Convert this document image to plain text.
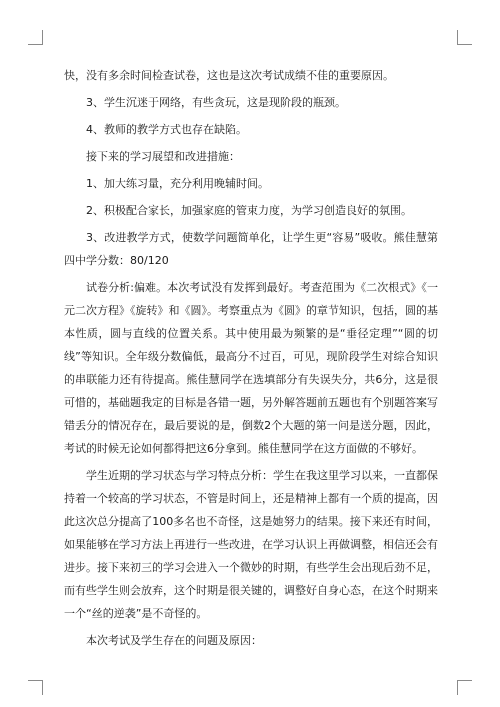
快，没有多余时间检查试卷，这也是这次考试成绩不佳的重要原因。

3、学生沉迷于网络，有些贪玩，这是现阶段的瓶颈。

4、教师的教学方式也存在缺陷。

接下来的学习展望和改进措施：

1、加大练习量，充分利用晚辅时间。

2、积极配合家长，加强家庭的管束力度，为学习创造良好的氛围。

3、改进教学方式，使数学问题简单化，让学生更“容易”吸收。熊佳慧第四中学分数：80/120

试卷分析:偏难。本次考试没有发挥到最好。考查范围为《二次根式》《一元二次方程》《旋转》和《圆》。考察重点为《圆》的章节知识，包括，圆的基本性质，圆与直线的位置关系。其中使用最为频繁的是“垂径定理”“圆的切线”等知识。全年级分数偏低，最高分不过百，可见，现阶段学生对综合知识的串联能力还有待提高。熊佳慧同学在选填部分有失误失分，共6分，这是很可惜的，基础题我定的目标是各错一题，另外解答题前五题也有个别题答案写错丢分的情况存在，最后要说的是，倒数2个大题的第一问是送分题，因此，考试的时候无论如何都得把这6分拿到。熊佳慧同学在这方面做的不够好。

学生近期的学习状态与学习特点分析：学生在我这里学习以来，一直都保持着一个较高的学习状态，不管是时间上，还是精神上都有一个质的提高，因此这次总分提高了100多名也不奇怪，这是她努力的结果。接下来还有时间，如果能够在学习方法上再进行一些改进，在学习认识上再做调整，相信还会有进步。接下来初三的学习会进入一个微妙的时期，有些学生会出现后劲不足，而有些学生则会放弃，这个时期是很关键的，调整好自身心态，在这个时期来一个“丝的逆袭”是不奇怪的。

本次考试及学生存在的问题及原因：
